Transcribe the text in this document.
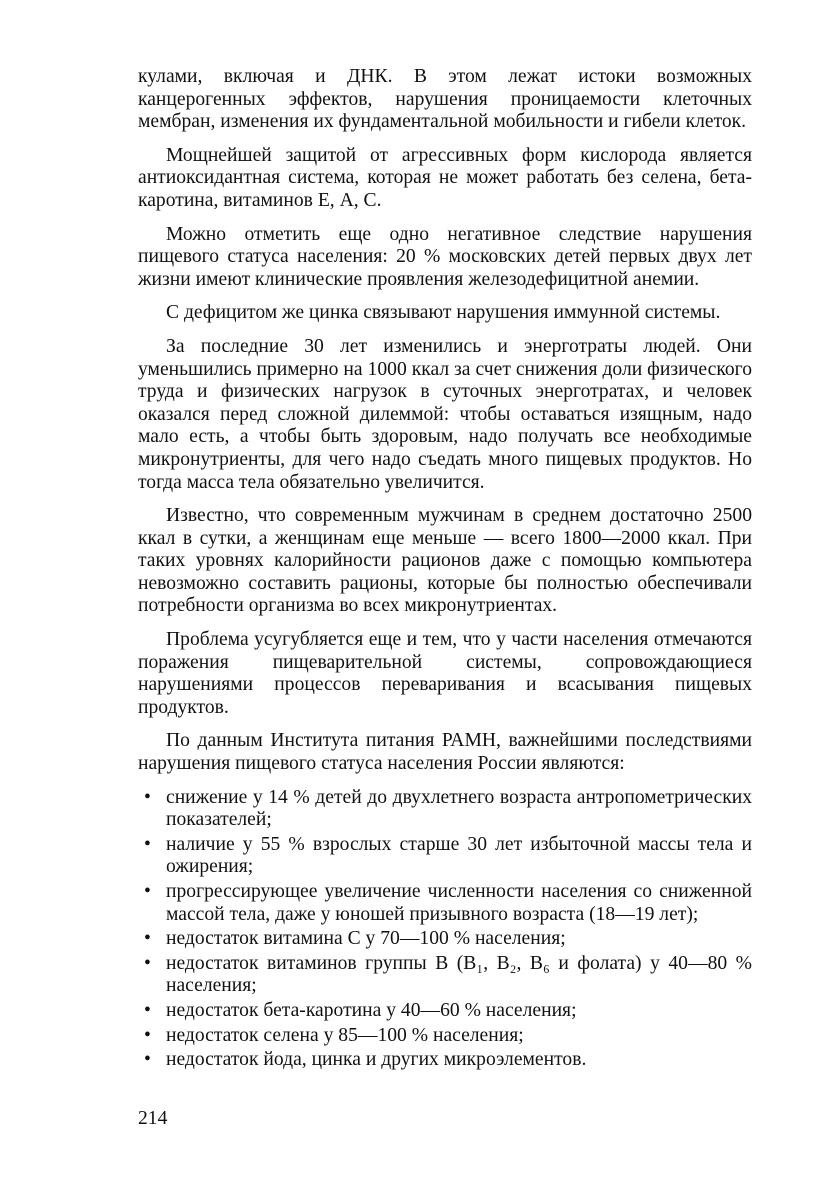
кулами, включая и ДНК. В этом лежат истоки возможных канцерогенных эффектов, нарушения проницаемости клеточных мембран, изменения их фундаментальной мобильности и гибели клеток.

Мощнейшей защитой от агрессивных форм кислорода является антиоксидантная система, которая не может работать без селена, бета-каротина, витаминов Е, А, С.

Можно отметить еще одно негативное следствие нарушения пищевого статуса населения: 20 % московских детей первых двух лет жизни имеют клинические проявления железодефицитной анемии.

С дефицитом же цинка связывают нарушения иммунной системы.

За последние 30 лет изменились и энерготраты людей. Они уменьшились примерно на 1000 ккал за счет снижения доли физического труда и физических нагрузок в суточных энерготратах, и человек оказался перед сложной дилеммой: чтобы оставаться изящным, надо мало есть, а чтобы быть здоровым, надо получать все необходимые микронутриенты, для чего надо съедать много пищевых продуктов. Но тогда масса тела обязательно увеличится.

Известно, что современным мужчинам в среднем достаточно 2500 ккал в сутки, а женщинам еще меньше — всего 1800—2000 ккал. При таких уровнях калорийности рационов даже с помощью компьютера невозможно составить рационы, которые бы полностью обеспечивали потребности организма во всех микронутриентах.

Проблема усугубляется еще и тем, что у части населения отмечаются поражения пищеварительной системы, сопровождающиеся нарушениями процессов переваривания и всасывания пищевых продуктов.

По данным Института питания РАМН, важнейшими последствиями нарушения пищевого статуса населения России являются:

• снижение у 14 % детей до двухлетнего возраста антропометрических показателей;
• наличие у 55 % взрослых старше 30 лет избыточной массы тела и ожирения;
• прогрессирующее увеличение численности населения со сниженной массой тела, даже у юношей призывного возраста (18—19 лет);
• недостаток витамина С у 70—100 % населения;
• недостаток витаминов группы В (В₁, В₂, В₆ и фолата) у 40—80 % населения;
• недостаток бета-каротина у 40—60 % населения;
• недостаток селена у 85—100 % населения;
• недостаток йода, цинка и других микроэлементов.
214
